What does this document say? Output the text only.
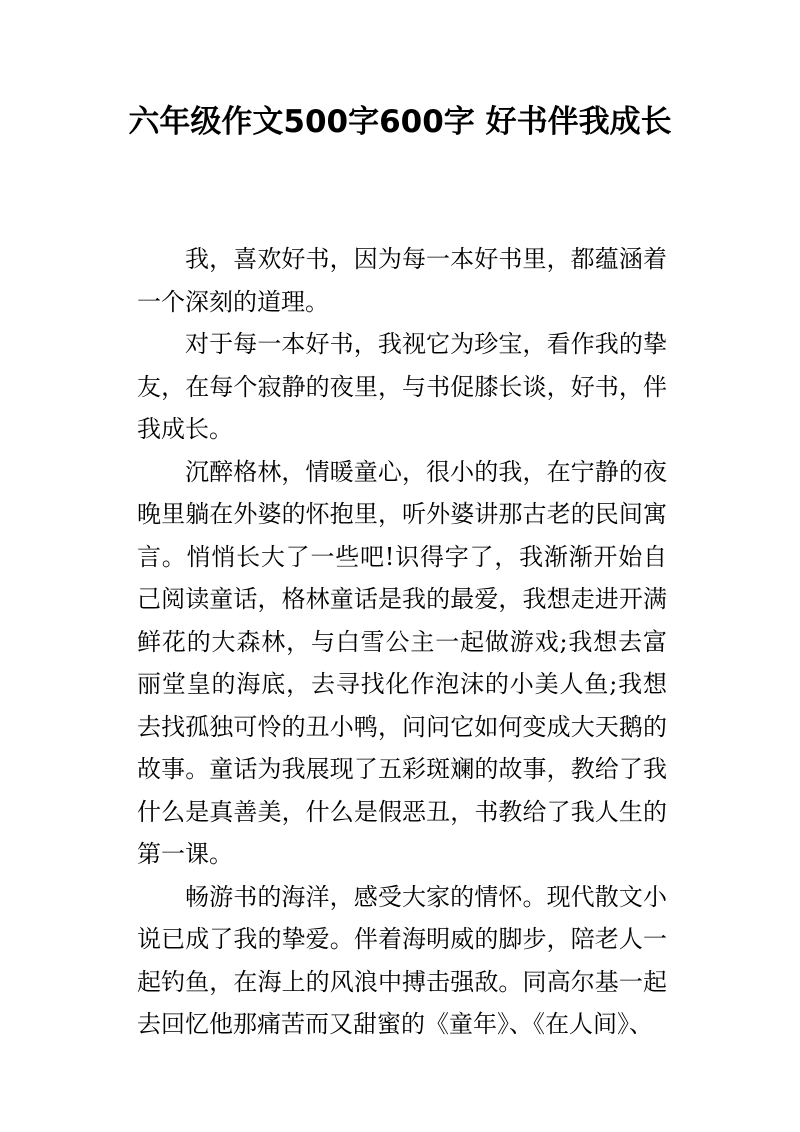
六年级作文500字600字 好书伴我成长

我，喜欢好书，因为每一本好书里，都蕴涵着一个深刻的道理。

对于每一本好书，我视它为珍宝，看作我的挚友，在每个寂静的夜里，与书促膝长谈，好书，伴我成长。

沉醉格林，情暖童心，很小的我，在宁静的夜晚里躺在外婆的怀抱里，听外婆讲那古老的民间寓言。悄悄长大了一些吧!识得字了，我渐渐开始自己阅读童话，格林童话是我的最爱，我想走进开满鲜花的大森林，与白雪公主一起做游戏;我想去富丽堂皇的海底，去寻找化作泡沫的小美人鱼;我想去找孤独可怜的丑小鸭，问问它如何变成大天鹅的故事。童话为我展现了五彩斑斓的故事，教给了我什么是真善美，什么是假恶丑，书教给了我人生的第一课。

畅游书的海洋，感受大家的情怀。现代散文小说已成了我的挚爱。伴着海明威的脚步，陪老人一起钓鱼，在海上的风浪中搏击强敌。同高尔基一起去回忆他那痛苦而又甜蜜的《童年》、《在人间》、
